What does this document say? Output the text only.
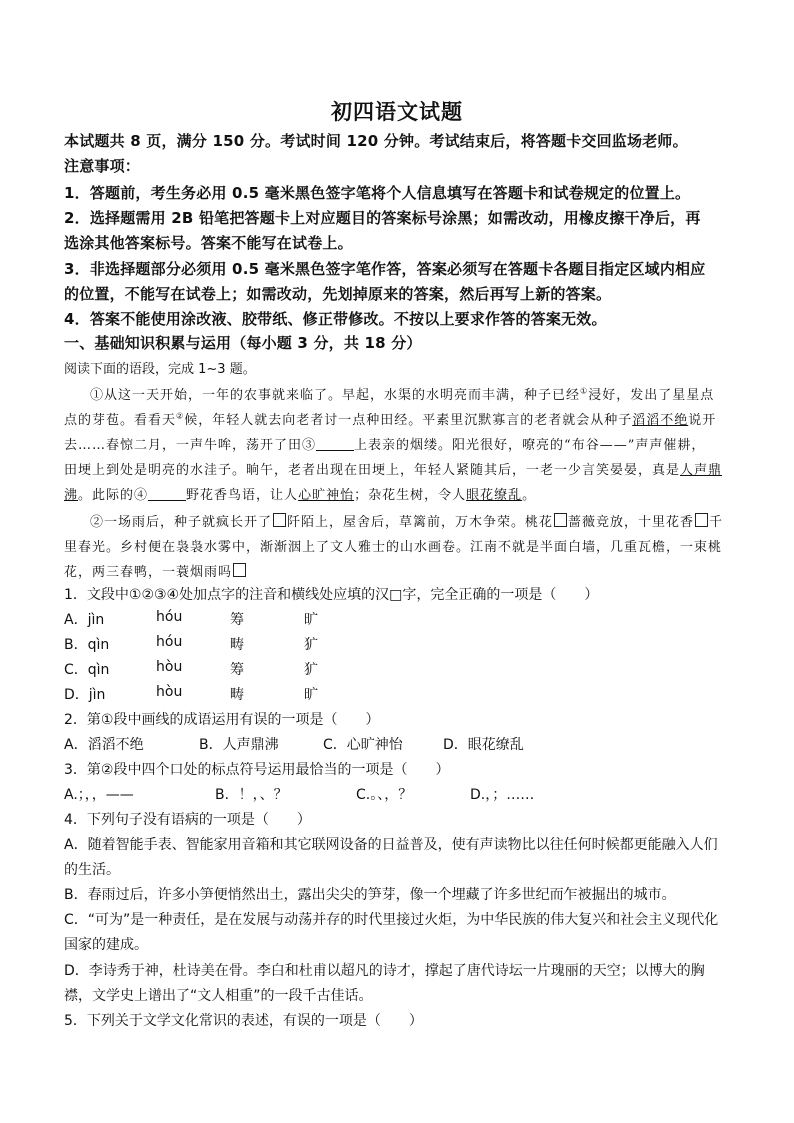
初四语文试题
本试题共 8 页，满分 150 分。考试时间 120 分钟。考试结束后，将答题卡交回监场老师。
注意事项：
1．答题前，考生务必用 0.5 毫米黑色签字笔将个人信息填写在答题卡和试卷规定的位置上。
2．选择题需用 2B 铅笔把答题卡上对应题目的答案标号涂黑；如需改动，用橡皮擦干净后，再
选涂其他答案标号。答案不能写在试卷上。
3．非选择题部分必须用 0.5 毫米黑色签字笔作答，答案必须写在答题卡各题目指定区域内相应
的位置，不能写在试卷上；如需改动，先划掉原来的答案，然后再写上新的答案。
4．答案不能使用涂改液、胶带纸、修正带修改。不按以上要求作答的答案无效。
一、基础知识积累与运用（每小题 3 分，共 18 分）
阅读下面的语段，完成 1~3 题。
①从这一天开始，一年的农事就来临了。早起，水渠的水明亮而丰满，种子已经①浸好，发出了星星点
点的芽苞。看看天②候，年轻人就去向老者讨一点种田经。平素里沉默寡言的老者就会从种子滔滔不绝说开
去……春惊二月，一声牛哞，荡开了田③	上表亲的烟缕。阳光很好，嘹亮的“布谷——”声声催耕，
田埂上到处是明亮的水洼子。晌午，老者出现在田埂上，年轻人紧随其后，一老一少言笑晏晏，真是人声鼎
沸。此际的④	野花香鸟语，让人心旷神怡；杂花生树，令人眼花缭乱。
②一场雨后，种子就疯长开了 阡陌上，屋舍后，草篱前，万木争荣。桃花 蔷薇竞放，十里花香 千
里春光。乡村便在袅袅水雾中，渐渐洇上了文人雅士的山水画卷。江南不就是半面白墙，几重瓦檐，一束桃
花，两三春鸭，一蓑烟雨吗
1．文段中①②③④处加点字的注音和横线处应填的汉□字，完全正确的一项是（　　）
A．jìn	hóu	筹	旷
B．qìn	hóu	畴	犷
C．qìn	hòu	筹	犷
D．jìn	hòu	畴	旷
2．第①段中画线的成语运用有误的一项是（　　）
A．滔滔不绝	B．人声鼎沸	C．心旷神怡	D．眼花缭乱
3．第②段中四个口处的标点符号运用最恰当的一项是（　　）
A.；，，——	B．！，、？	C.。、，？	D.，；……
4．下列句子没有语病的一项是（　　）
A．随着智能手表、智能家用音箱和其它联网设备的日益普及，使有声读物比以往任何时候都更能融入人们
的生活。
B．春雨过后，许多小笋便悄然出土，露出尖尖的笋芽，像一个埋藏了许多世纪而乍被掘出的城市。
C．“可为”是一种责任，是在发展与动荡并存的时代里接过火炬，为中华民族的伟大复兴和社会主义现代化
国家的建成。
D．李诗秀于神，杜诗美在骨。李白和杜甫以超凡的诗才，撑起了唐代诗坛一片瑰丽的天空；以博大的胸
襟，文学史上谱出了“文人相重”的一段千古佳话。
5．下列关于文学文化常识的表述，有误的一项是（　　）
